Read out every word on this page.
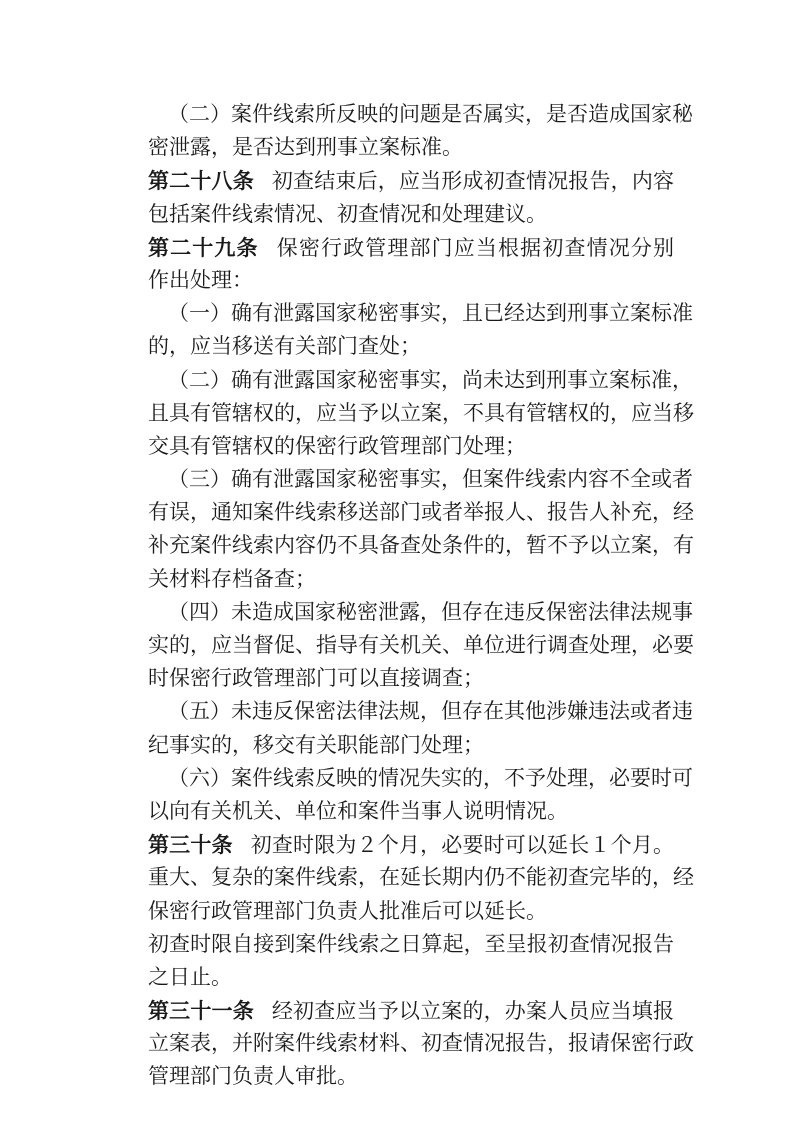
（二）案件线索所反映的问题是否属实，是否造成国家秘
密泄露，是否达到刑事立案标准。
第二十八条 初查结束后，应当形成初查情况报告，内容
包括案件线索情况、初查情况和处理建议。
第二十九条 保密行政管理部门应当根据初查情况分别
作出处理：
（一）确有泄露国家秘密事实，且已经达到刑事立案标准
的，应当移送有关部门查处；
（二）确有泄露国家秘密事实，尚未达到刑事立案标准，
且具有管辖权的，应当予以立案，不具有管辖权的，应当移
交具有管辖权的保密行政管理部门处理；
（三）确有泄露国家秘密事实，但案件线索内容不全或者
有误，通知案件线索移送部门或者举报人、报告人补充，经
补充案件线索内容仍不具备查处条件的，暂不予以立案，有
关材料存档备查；
（四）未造成国家秘密泄露，但存在违反保密法律法规事
实的，应当督促、指导有关机关、单位进行调查处理，必要
时保密行政管理部门可以直接调查；
（五）未违反保密法律法规，但存在其他涉嫌违法或者违
纪事实的，移交有关职能部门处理；
（六）案件线索反映的情况失实的，不予处理，必要时可
以向有关机关、单位和案件当事人说明情况。
第三十条 初查时限为２个月，必要时可以延长１个月。
重大、复杂的案件线索，在延长期内仍不能初查完毕的，经
保密行政管理部门负责人批准后可以延长。
初查时限自接到案件线索之日算起，至呈报初查情况报告
之日止。
第三十一条 经初查应当予以立案的，办案人员应当填报
立案表，并附案件线索材料、初查情况报告，报请保密行政
管理部门负责人审批。
